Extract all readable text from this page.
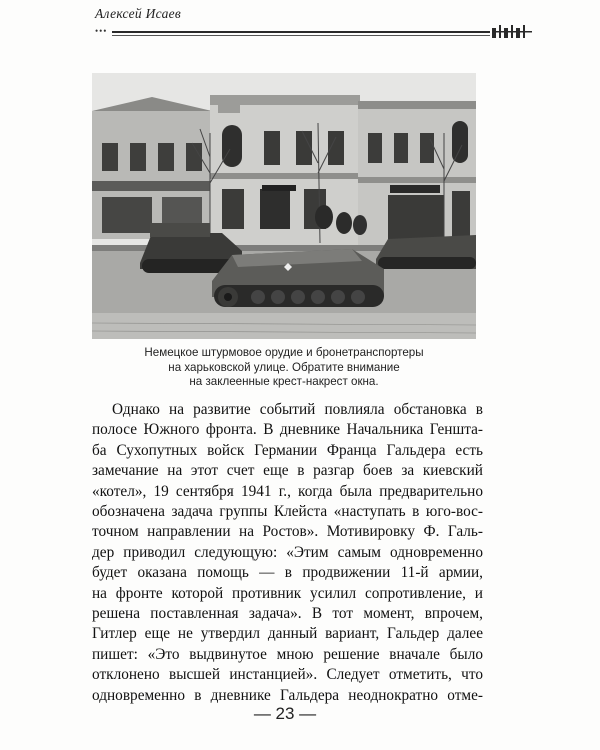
Алексей Исаев
•••
Немецкое штурмовое орудие и бронетранспортеры
на харьковской улице. Обратите внимание
на заклеенные крест-накрест окна.
Однако на развитие событий повлияла обстановка в
полосе Южного фронта. В дневнике Начальника Геншта-
ба Сухопутных войск Германии Франца Гальдера есть
замечание на этот счет еще в разгар боев за киевский
«котел», 19 сентября 1941 г., когда была предварительно
обозначена задача группы Клейста «наступать в юго-вос-
точном направлении на Ростов». Мотивировку Ф. Галь-
дер приводил следующую: «Этим самым одновременно
будет оказана помощь — в продвижении 11-й армии,
на фронте которой противник усилил сопротивление, и
решена поставленная задача». В тот момент, впрочем,
Гитлер еще не утвердил данный вариант, Гальдер далее
пишет: «Это выдвинутое мною решение вначале было
отклонено высшей инстанцией». Следует отметить, что
одновременно в дневнике Гальдера неоднократно отме-
— 23 —
